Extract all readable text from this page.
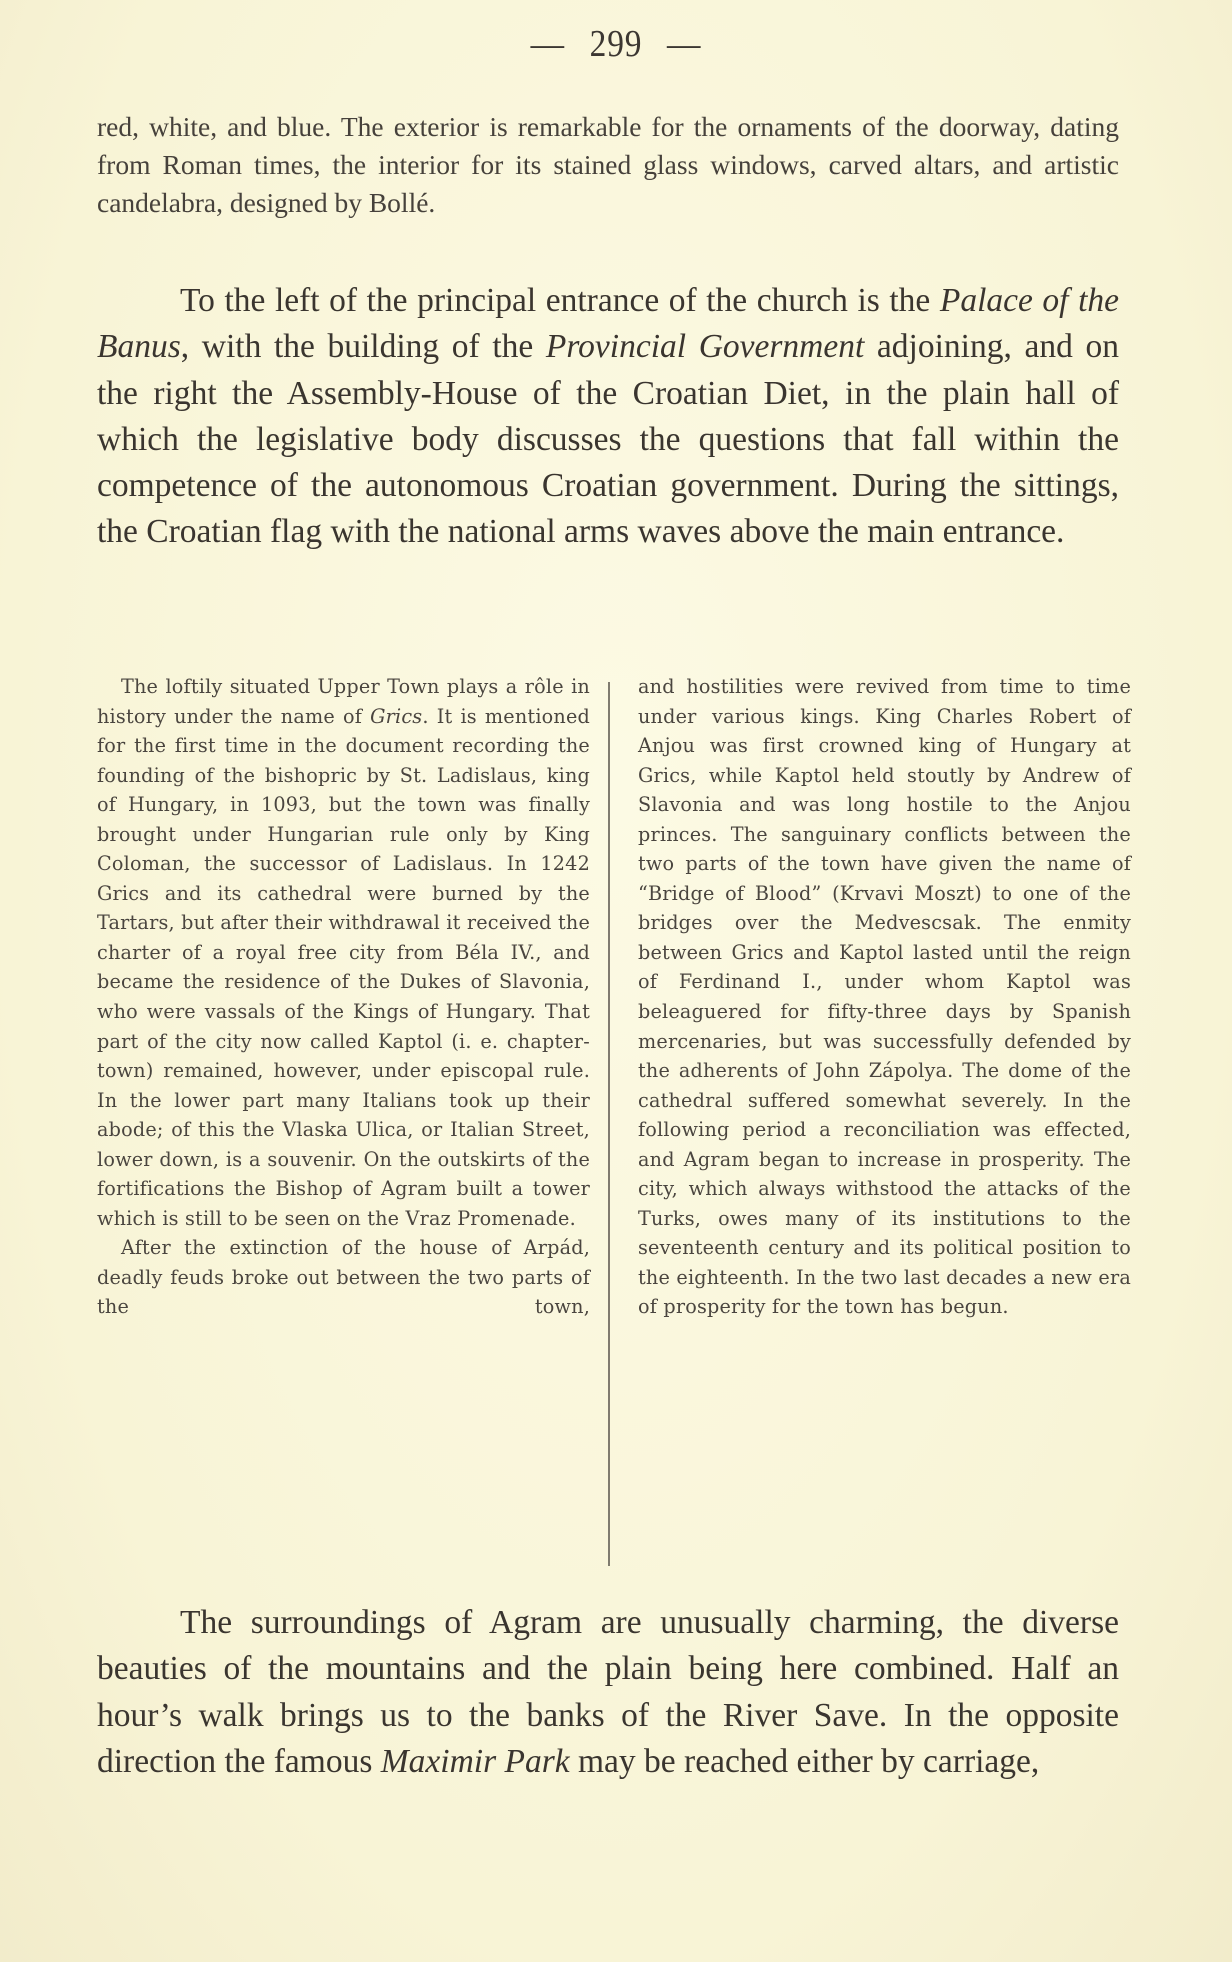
— 299 —
red, white, and blue. The exterior is remarkable for the ornaments of the doorway, dating from Roman times, the interior for its stained glass windows, carved altars, and artistic candelabra, designed by Bollé.
To the left of the principal entrance of the church is the Palace of the Banus, with the building of the Provincial Government adjoining, and on the right the Assembly-House of the Croatian Diet, in the plain hall of which the legislative body discusses the questions that fall within the competence of the autonomous Croatian government. During the sittings, the Croatian flag with the national arms waves above the main entrance.

The loftily situated Upper Town plays a rôle in history under the name of Grics. It is mentioned for the first time in the document recording the founding of the bishopric by St. Ladislaus, king of Hungary, in 1093, but the town was finally brought under Hungarian rule only by King Coloman, the successor of Ladislaus. In 1242 Grics and its cathedral were burned by the Tartars, but after their withdrawal it received the charter of a royal free city from Béla IV., and became the residence of the Dukes of Slavonia, who were vassals of the Kings of Hungary. That part of the city now called Kaptol (i. e. chapter-town) remained, however, under episcopal rule. In the lower part many Italians took up their abode; of this the Vlaska Ulica, or Italian Street, lower down, is a souvenir. On the outskirts of the fortifications the Bishop of Agram built a tower which is still to be seen on the Vraz Promenade.

After the extinction of the house of Arpád, deadly feuds broke out between the two parts of the town,

and hostilities were revived from time to time under various kings. King Charles Robert of Anjou was first crowned king of Hungary at Grics, while Kaptol held stoutly by Andrew of Slavonia and was long hostile to the Anjou princes. The sanguinary conflicts between the two parts of the town have given the name of “Bridge of Blood” (Krvavi Moszt) to one of the bridges over the Medvescsak. The enmity between Grics and Kaptol lasted until the reign of Ferdinand I., under whom Kaptol was beleaguered for fifty-three days by Spanish mercenaries, but was successfully defended by the adherents of John Zápolya. The dome of the cathedral suffered somewhat severely. In the following period a reconciliation was effected, and Agram began to increase in prosperity. The city, which always withstood the attacks of the Turks, owes many of its institutions to the seventeenth century and its political position to the eighteenth. In the two last decades a new era of prosperity for the town has begun.

The surroundings of Agram are unusually charming, the diverse beauties of the mountains and the plain being here combined. Half an hour’s walk brings us to the banks of the River Save. In the opposite direction the famous Maximir Park may be reached either by carriage,
